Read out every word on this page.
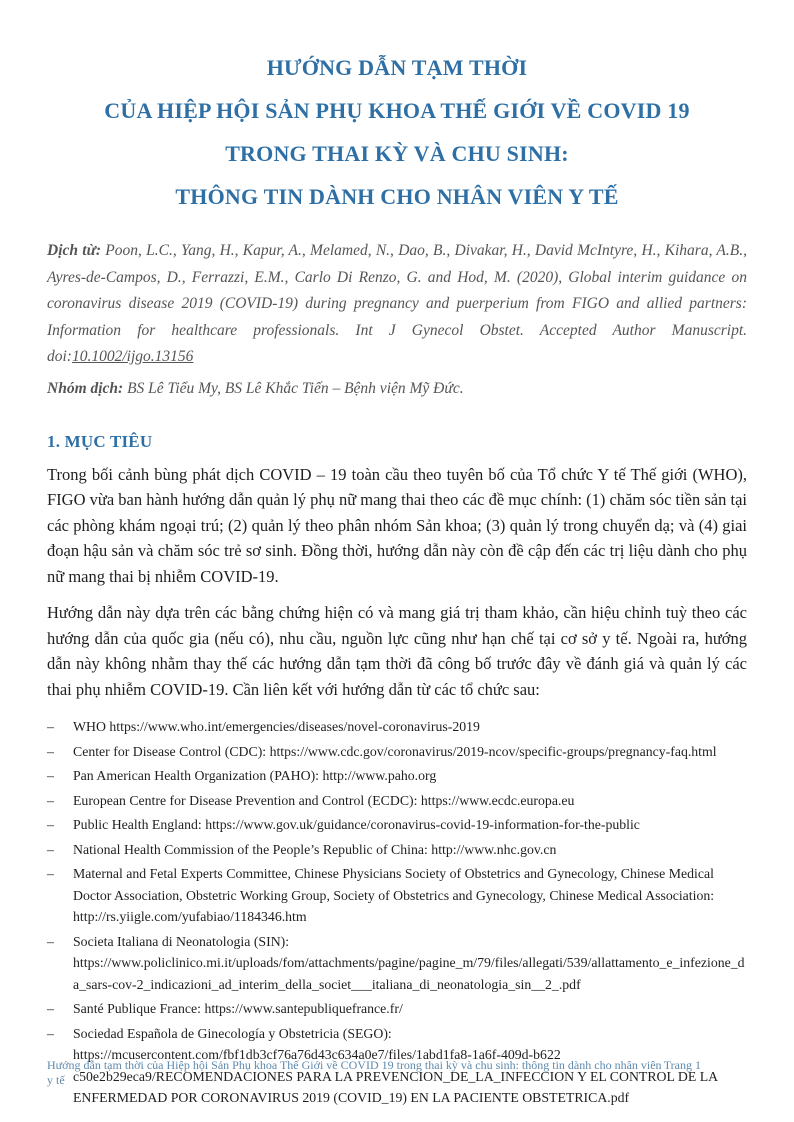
HƯỚNG DẪN TẠM THỜI
CỦA HIỆP HỘI SẢN PHỤ KHOA THẾ GIỚI VỀ COVID 19
TRONG THAI KỲ VÀ CHU SINH:
THÔNG TIN DÀNH CHO NHÂN VIÊN Y TẾ

Dịch từ: Poon, L.C., Yang, H., Kapur, A., Melamed, N., Dao, B., Divakar, H., David McIntyre, H., Kihara, A.B., Ayres-de-Campos, D., Ferrazzi, E.M., Carlo Di Renzo, G. and Hod, M. (2020), Global interim guidance on coronavirus disease 2019 (COVID-19) during pregnancy and puerperium from FIGO and allied partners: Information for healthcare professionals. Int J Gynecol Obstet. Accepted Author Manuscript. doi:10.1002/ijgo.13156

Nhóm dịch: BS Lê Tiểu My, BS Lê Khắc Tiến – Bệnh viện Mỹ Đức.

1. MỤC TIÊU

Trong bối cảnh bùng phát dịch COVID – 19 toàn cầu theo tuyên bố của Tổ chức Y tế Thế giới (WHO), FIGO vừa ban hành hướng dẫn quản lý phụ nữ mang thai theo các đề mục chính: (1) chăm sóc tiền sản tại các phòng khám ngoại trú; (2) quản lý theo phân nhóm Sản khoa; (3) quản lý trong chuyển dạ; và (4) giai đoạn hậu sản và chăm sóc trẻ sơ sinh. Đồng thời, hướng dẫn này còn đề cập đến các trị liệu dành cho phụ nữ mang thai bị nhiễm COVID-19.

Hướng dẫn này dựa trên các bằng chứng hiện có và mang giá trị tham khảo, cần hiệu chỉnh tuỳ theo các hướng dẫn của quốc gia (nếu có), nhu cầu, nguồn lực cũng như hạn chế tại cơ sở y tế. Ngoài ra, hướng dẫn này không nhằm thay thế các hướng dẫn tạm thời đã công bố trước đây về đánh giá và quản lý các thai phụ nhiễm COVID-19. Cần liên kết với hướng dẫn từ các tổ chức sau:

–	WHO https://www.who.int/emergencies/diseases/novel-coronavirus-2019
–	Center for Disease Control (CDC): https://www.cdc.gov/coronavirus/2019-ncov/specific-groups/pregnancy-faq.html
–	Pan American Health Organization (PAHO): http://www.paho.org
–	European Centre for Disease Prevention and Control (ECDC): https://www.ecdc.europa.eu
–	Public Health England: https://www.gov.uk/guidance/coronavirus-covid-19-information-for-the-public
–	National Health Commission of the People’s Republic of China: http://www.nhc.gov.cn
–	Maternal and Fetal Experts Committee, Chinese Physicians Society of Obstetrics and Gynecology, Chinese Medical Doctor Association, Obstetric Working Group, Society of Obstetrics and Gynecology, Chinese Medical Association:
http://rs.yiigle.com/yufabiao/1184346.htm
–	Societa Italiana di Neonatologia (SIN):
https://www.policlinico.mi.it/uploads/fom/attachments/pagine/pagine_m/79/files/allegati/539/allattamento_e_infezione_da_sars-cov-2_indicazioni_ad_interim_della_societ___italiana_di_neonatologia_sin__2_.pdf
–	Santé Publique France: https://www.santepubliquefrance.fr/
–	Sociedad Española de Ginecología y Obstetricia (SEGO):
https://mcusercontent.com/fbf1db3cf76a76d43c634a0e7/files/1abd1fa8-1a6f-409d-b622 c50e2b29eca9/RECOMENDACIONES PARA LA PREVENCION_DE_LA_INFECCION Y EL CONTROL DE LA ENFERMEDAD POR CORONAVIRUS 2019 (COVID_19) EN LA PACIENTE OBSTETRICA.pdf
Hướng dẫn tạm thời của Hiệp hội Sản Phụ khoa Thế Giới về COVID 19 trong thai kỳ và chu sinh: thông tin dành cho nhân viên y tế
Trang 1
